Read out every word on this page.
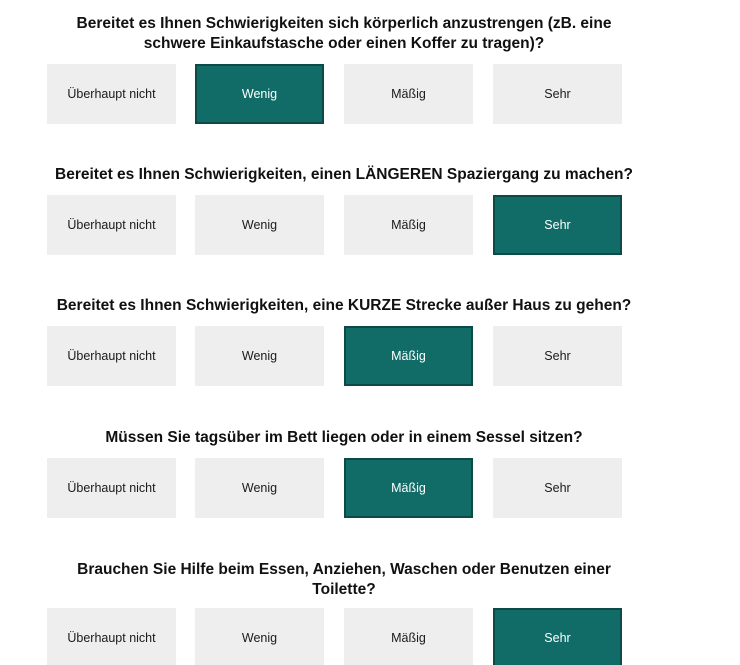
Bereitet es Ihnen Schwierigkeiten sich körperlich anzustrengen (zB. eine
schwere Einkaufstasche oder einen Koffer zu tragen)?
Überhaupt nicht	Wenig	Mäßig	Sehr
Bereitet es Ihnen Schwierigkeiten, einen LÄNGEREN Spaziergang zu machen?
Überhaupt nicht	Wenig	Mäßig	Sehr
Bereitet es Ihnen Schwierigkeiten, eine KURZE Strecke außer Haus zu gehen?
Überhaupt nicht	Wenig	Mäßig	Sehr
Müssen Sie tagsüber im Bett liegen oder in einem Sessel sitzen?
Überhaupt nicht	Wenig	Mäßig	Sehr
Brauchen Sie Hilfe beim Essen, Anziehen, Waschen oder Benutzen einer
Toilette?
Überhaupt nicht	Wenig	Mäßig	Sehr
